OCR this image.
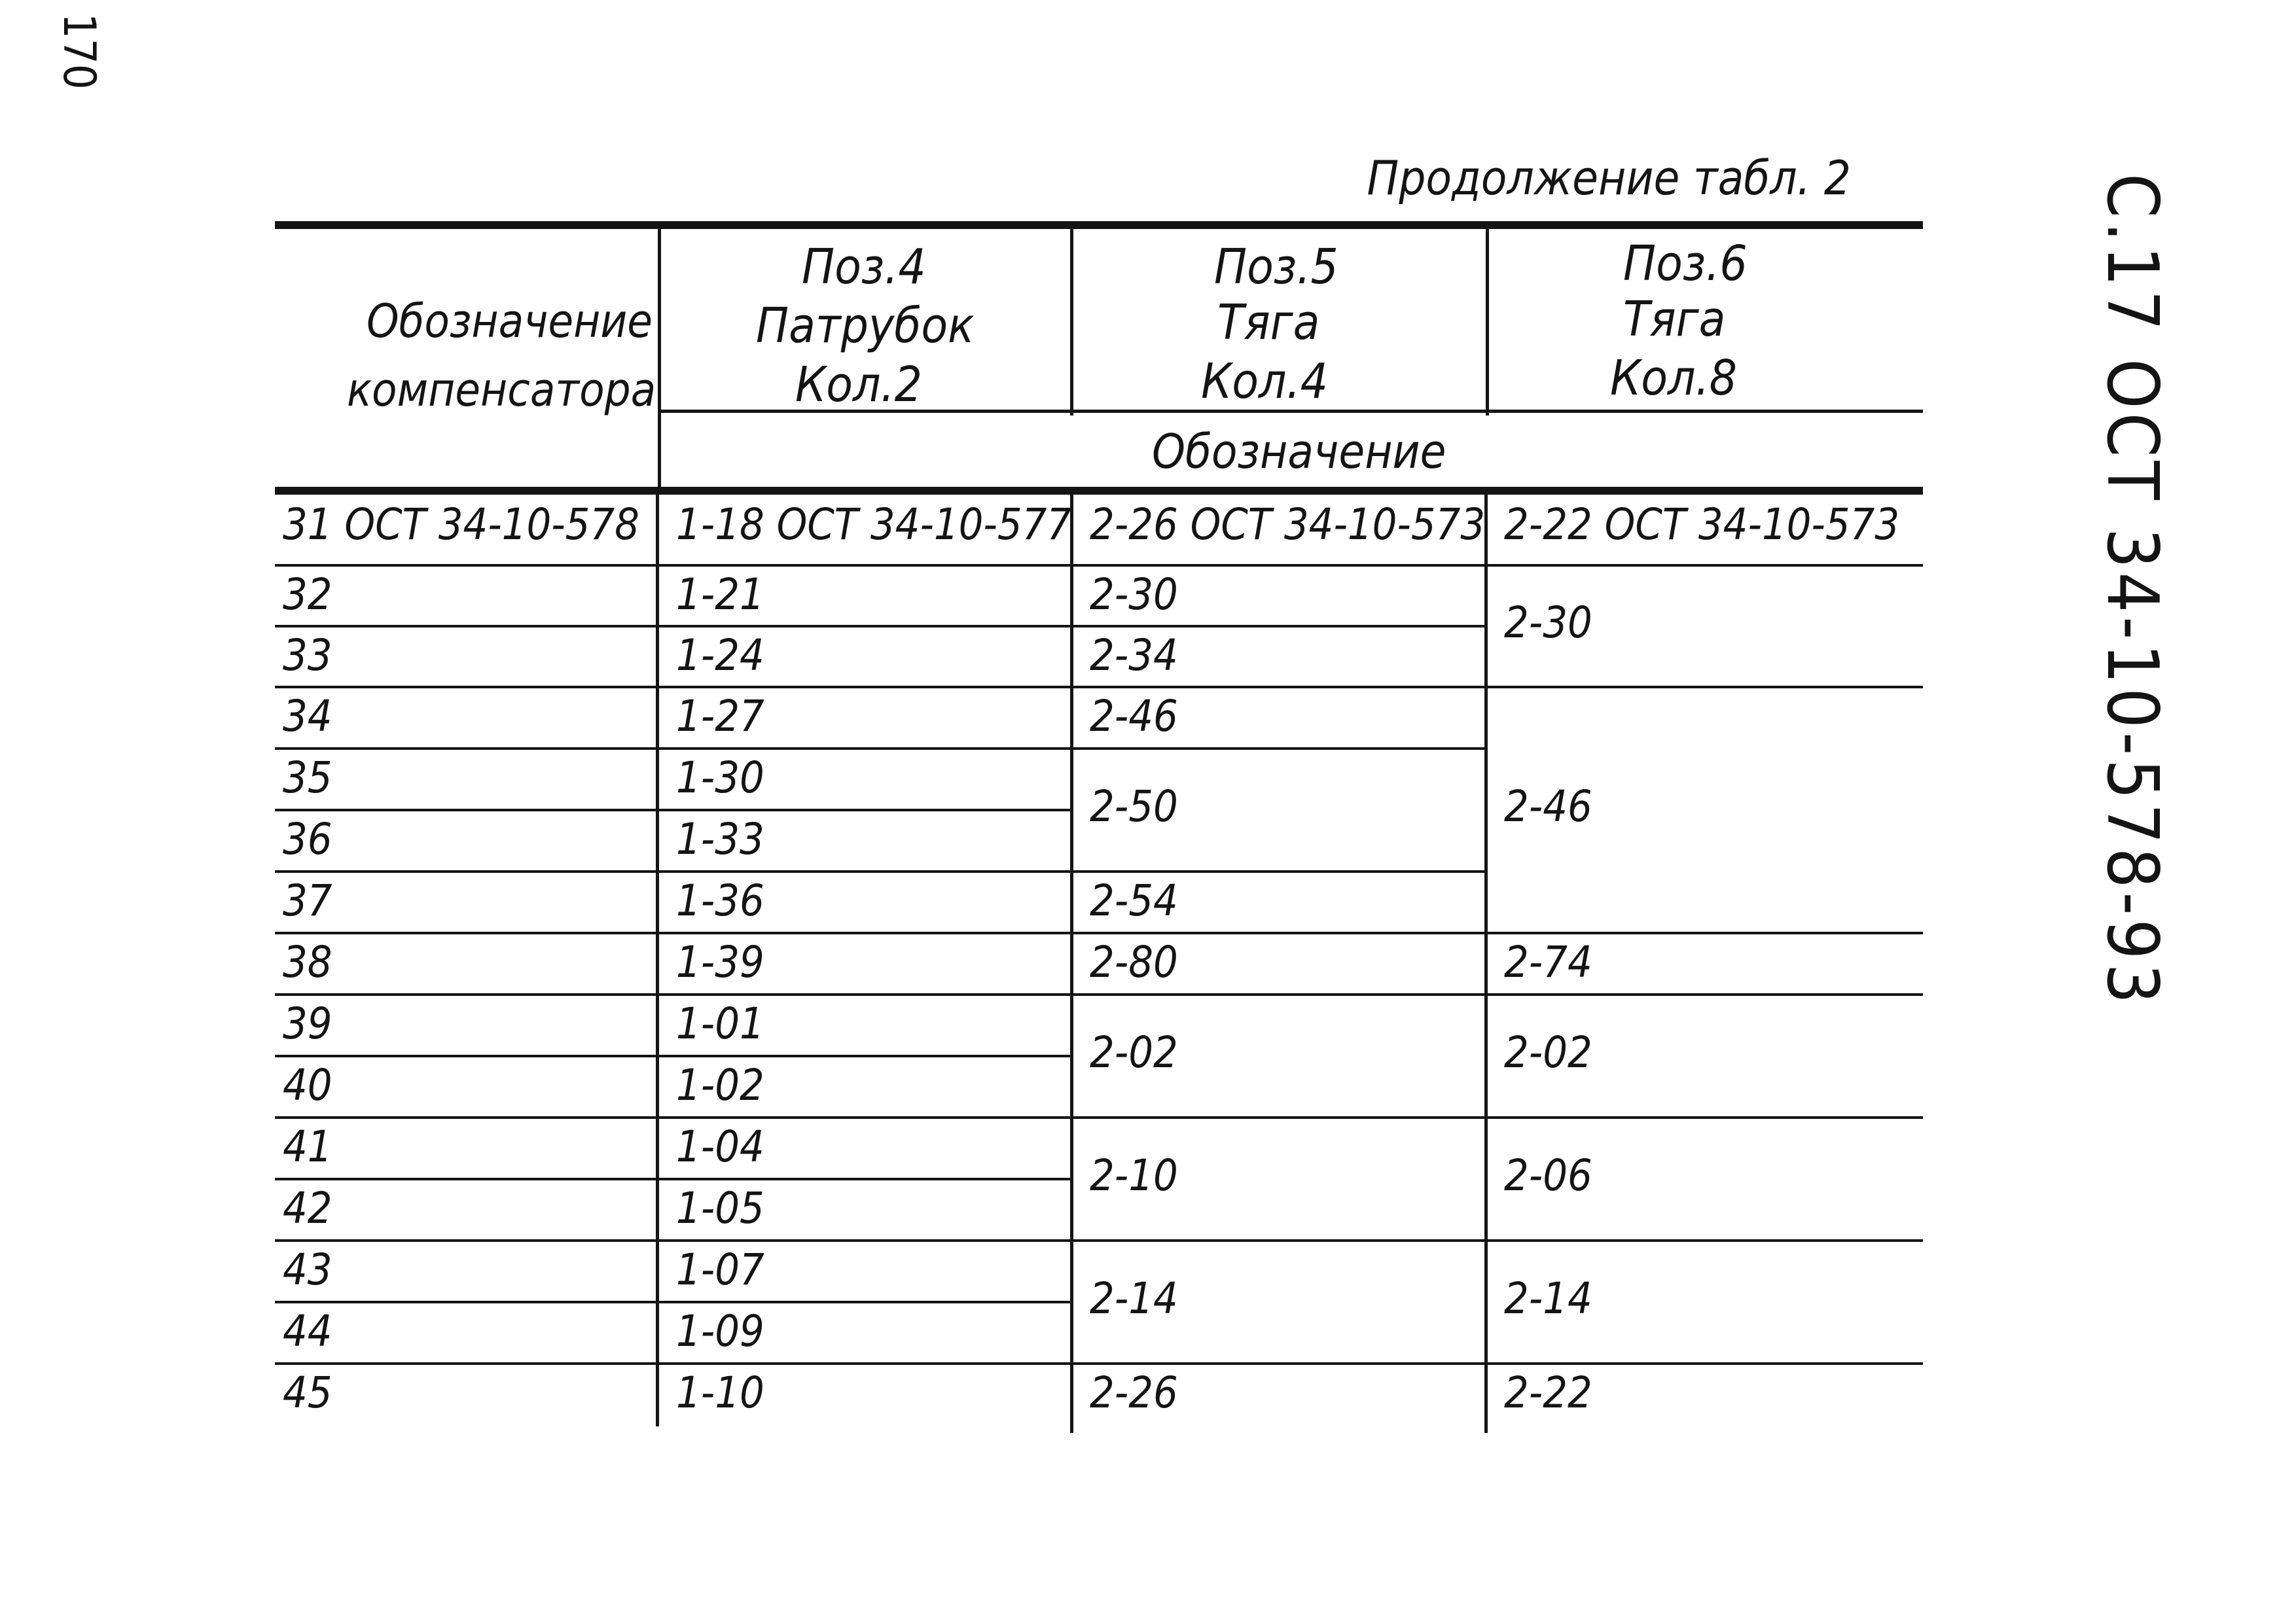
170
С.17 ОСТ 34-10-578-93
Продолжение табл. 2
Обозначение
компенсатора
Поз.4
Патрубок
Кол.2
Поз.5
Тяга
Кол.4
Поз.6
Тяга
Кол.8
Обозначение
31 ОСТ 34-10-578
32
33
34
35
36
37
38
39
40
41
42
43
44
45
1-18 ОСТ 34-10-577
1-21
1-24
1-27
1-30
1-33
1-36
1-39
1-01
1-02
1-04
1-05
1-07
1-09
1-10
2-26 ОСТ 34-10-573
2-30
2-34
2-46
2-50
2-54
2-80
2-02
2-10
2-14
2-26
2-22 ОСТ 34-10-573
2-30
2-46
2-74
2-02
2-06
2-14
2-22
